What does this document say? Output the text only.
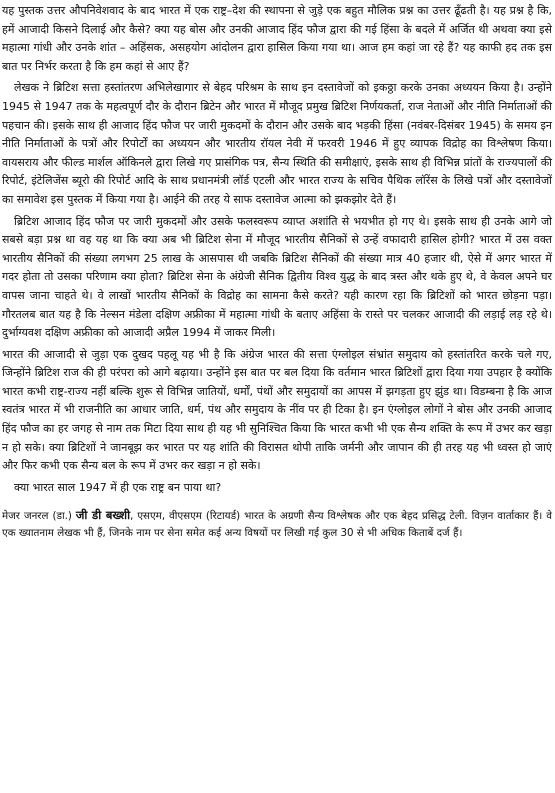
यह पुस्तक उत्तर औपनिवेशवाद के बाद भारत में एक राष्ट्र–देश की स्थापना से जुड़े एक बहुत मौलिक प्रश्न का उत्तर ढूँढती है। यह प्रश्न है कि, हमें आजादी किसने दिलाई और कैसे? क्या यह बोस और उनकी आजाद हिंद फौज द्वारा की गई हिंसा के बदले में अर्जित थी अथवा क्या इसे महात्मा गांधी और उनके शांत – अहिंसक, असहयोग आंदोलन द्वारा हासिल किया गया था। आज हम कहां जा रहे हैं? यह काफी हद तक इस बात पर निर्भर करता है कि हम कहां से आए हैं?

लेखक ने ब्रिटिश सत्ता हस्तांतरण अभिलेखागार से बेहद परिश्रम के साथ इन दस्तावेजों को इकठ्ठा करके उनका अध्ययन किया है। उन्होंने 1945 से 1947 तक के महत्वपूर्ण दौर के दौरान ब्रिटेन और भारत में मौजूद प्रमुख ब्रिटिश निर्णयकर्ता, राज नेताओं और नीति निर्माताओं की पहचान की। इसके साथ ही आजाद हिंद फौज पर जारी मुकदमों के दौरान और उसके बाद भड़की हिंसा (नवंबर-दिसंबर 1945) के समय इन नीति निर्माताओं के पत्रों और रिपोर्टों का अध्ययन और भारतीय रॉयल नेवी में फरवरी 1946 में हुए व्यापक विद्रोह का विश्लेषण किया। वायसराय और फील्ड मार्शल ऑकिनले द्वारा लिखे गए प्रासंगिक पत्र, सैन्य स्थिति की समीक्षाएं, इसके साथ ही विभिन्न प्रांतों के राज्यपालों की रिपोर्ट, इंटेलिजेंस ब्यूरो की रिपोर्ट आदि के साथ प्रधानमंत्री लॉर्ड एटली और भारत राज्य के सचिव पैथिक लॉरेंस के लिखे पत्रों और दस्तावेजों का समावेश इस पुस्तक में किया गया है। आईने की तरह ये साफ दस्तावेज आत्मा को झकझोर देते हैं।

ब्रिटिश आजाद हिंद फौज पर जारी मुकदमों और उसके फलस्वरूप व्याप्त अशांति से भयभीत हो गए थे। इसके साथ ही उनके आगे जो सबसे बड़ा प्रश्न था वह यह था कि क्या अब भी ब्रिटिश सेना में मौजूद भारतीय सैनिकों से उन्हें वफादारी हासिल होगी? भारत में उस वक्त भारतीय सैनिकों की संख्या लगभग 25 लाख के आसपास थी जबकि ब्रिटिश सैनिकों की संख्या मात्र 40 हजार थी, ऐसे में अगर भारत में गदर होता तो उसका परिणाम क्या होता? ब्रिटिश सेना के अंग्रेजी सैनिक द्वितीय विश्व युद्ध के बाद त्रस्त और थके हुए थे, वे केवल अपने घर वापस जाना चाहते थे। वे लाखों भारतीय सैनिकों के विद्रोह का सामना कैसे करते? यही कारण रहा कि ब्रिटिशों को भारत छोड़ना पड़ा। गौरतलब बात यह है कि नेल्सन मंडेला दक्षिण अफ्रीका में महात्मा गांधी के बताए अहिंसा के रास्ते पर चलकर आजादी की लड़ाई लड़ रहे थे। दुर्भाग्यवश दक्षिण अफ्रीका को आजादी अप्रैल 1994 में जाकर मिली।

भारत की आजादी से जुड़ा एक दुखद पहलू यह भी है कि अंग्रेज भारत की सत्ता एंग्लोइल संभ्रांत समुदाय को हस्तांतरित करके चले गए, जिन्होंने ब्रिटिश राज की ही परंपरा को आगे बढ़ाया। उन्होंने इस बात पर बल दिया कि वर्तमान भारत ब्रिटिशों द्वारा दिया गया उपहार है क्योंकि भारत कभी राष्ट्र-राज्य नहीं बल्कि शुरू से विभिन्न जातियों, धर्मों, पंथों और समुदायों का आपस में झगड़ता हुए झुंड था। विडम्बना है कि आज स्वतंत्र भारत में भी राजनीति का आधार जाति, धर्म, पंथ और समुदाय के नींव पर ही टिका है। इन एंग्लोइल लोगों ने बोस और उनकी आजाद हिंद फौज का हर जगह से नाम तक मिटा दिया साथ ही यह भी सुनिश्चित किया कि भारत कभी भी एक सैन्य शक्ति के रूप में उभर कर खड़ा न हो सके। क्या ब्रिटिशों ने जानबूझ कर भारत पर यह शांति की विरासत थोपी ताकि जर्मनी और जापान की ही तरह यह भी ध्वस्त हो जाएं और फिर कभी एक सैन्य बल के रूप में उभर कर खड़ा न हो सके।

क्या भारत साल 1947 में ही एक राष्ट्र बन पाया था?

मेजर जनरल (डा.) जी डी बख्शी, एसएम, वीएसएम (रिटायर्ड) भारत के अग्रणी सैन्य विश्लेषक और एक बेहद प्रसिद्ध टेली. विज़न वार्ताकार हैं। वे एक ख्यातनाम लेखक भी हैं, जिनके नाम पर सेना समेत कई अन्य विषयों पर लिखी गई कुल 30 से भी अधिक किताबें दर्ज हैं।
